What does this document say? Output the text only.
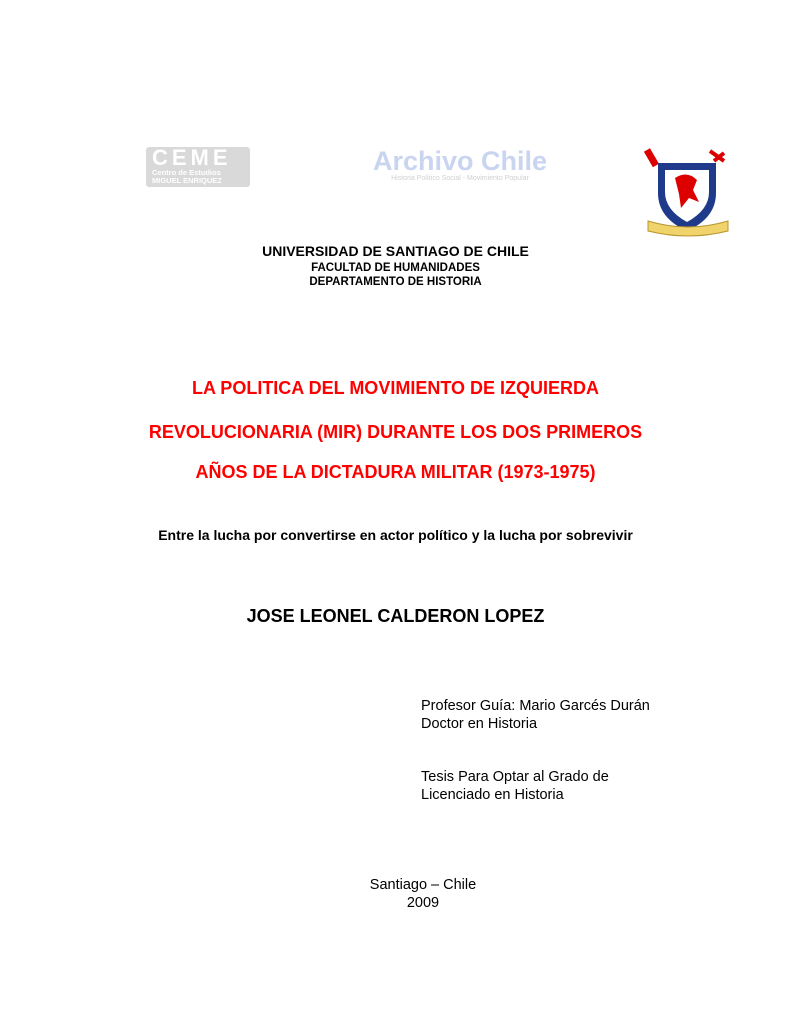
CEME
Centro de Estudios
MIGUEL ENRIQUEZ
Archivo Chile
Historia Político Social - Movimiento Popular
UNIVERSIDAD DE SANTIAGO DE CHILE
FACULTAD DE HUMANIDADES
DEPARTAMENTO DE HISTORIA
LA POLITICA DEL MOVIMIENTO DE IZQUIERDA
REVOLUCIONARIA (MIR) DURANTE LOS DOS PRIMEROS
AÑOS DE LA DICTADURA MILITAR (1973-1975)
Entre la lucha por convertirse en actor político y la lucha por sobrevivir
JOSE LEONEL CALDERON LOPEZ
Profesor Guía: Mario Garcés Durán
Doctor en Historia
Tesis Para Optar al Grado de
Licenciado en Historia
Santiago – Chile
2009
